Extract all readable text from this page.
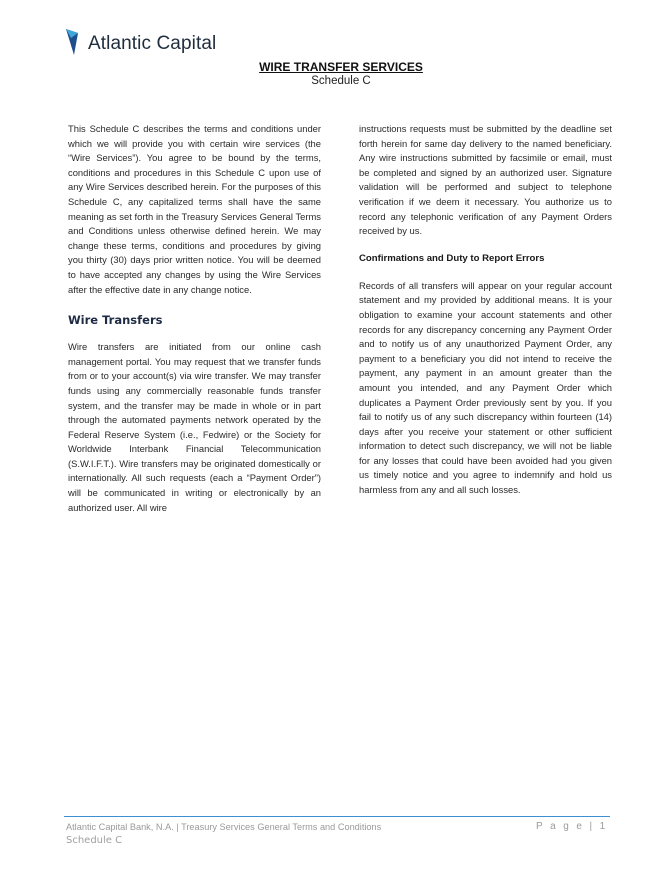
Atlantic Capital
WIRE TRANSFER SERVICES
Schedule C

This Schedule C describes the terms and conditions under which we will provide you with certain wire services (the “Wire Services”). You agree to be bound by the terms, conditions and procedures in this Schedule C upon use of any Wire Services described herein. For the purposes of this Schedule C, any capitalized terms shall have the same meaning as set forth in the Treasury Services General Terms and Conditions unless otherwise defined herein. We may change these terms, conditions and procedures by giving you thirty (30) days prior written notice. You will be deemed to have accepted any changes by using the Wire Services after the effective date in any change notice.

Wire Transfers

Wire transfers are initiated from our online cash management portal. You may request that we transfer funds from or to your account(s) via wire transfer. We may transfer funds using any commercially reasonable funds transfer system, and the transfer may be made in whole or in part through the automated payments network operated by the Federal Reserve System (i.e., Fedwire) or the Society for Worldwide Interbank Financial Telecommunication (S.W.I.F.T.). Wire transfers may be originated domestically or internationally. All such requests (each a “Payment Order”) will be communicated in writing or electronically by an authorized user. All wire

instructions requests must be submitted by the deadline set forth herein for same day delivery to the named beneficiary. Any wire instructions submitted by facsimile or email, must be completed and signed by an authorized user. Signature validation will be performed and subject to telephone verification if we deem it necessary. You authorize us to record any telephonic verification of any Payment Orders received by us.

Confirmations and Duty to Report Errors

Records of all transfers will appear on your regular account statement and my provided by additional means. It is your obligation to examine your account statements and other records for any discrepancy concerning any Payment Order and to notify us of any unauthorized Payment Order, any payment to a beneficiary you did not intend to receive the payment, any payment in an amount greater than the amount you intended, and any Payment Order which duplicates a Payment Order previously sent by you. If you fail to notify us of any such discrepancy within fourteen (14) days after you receive your statement or other sufficient information to detect such discrepancy, we will not be liable for any losses that could have been avoided had you given us timely notice and you agree to indemnify and hold us harmless from any and all such losses.

Atlantic Capital Bank, N.A. | Treasury Services General Terms and Conditions
Schedule C
P a g e | 1
